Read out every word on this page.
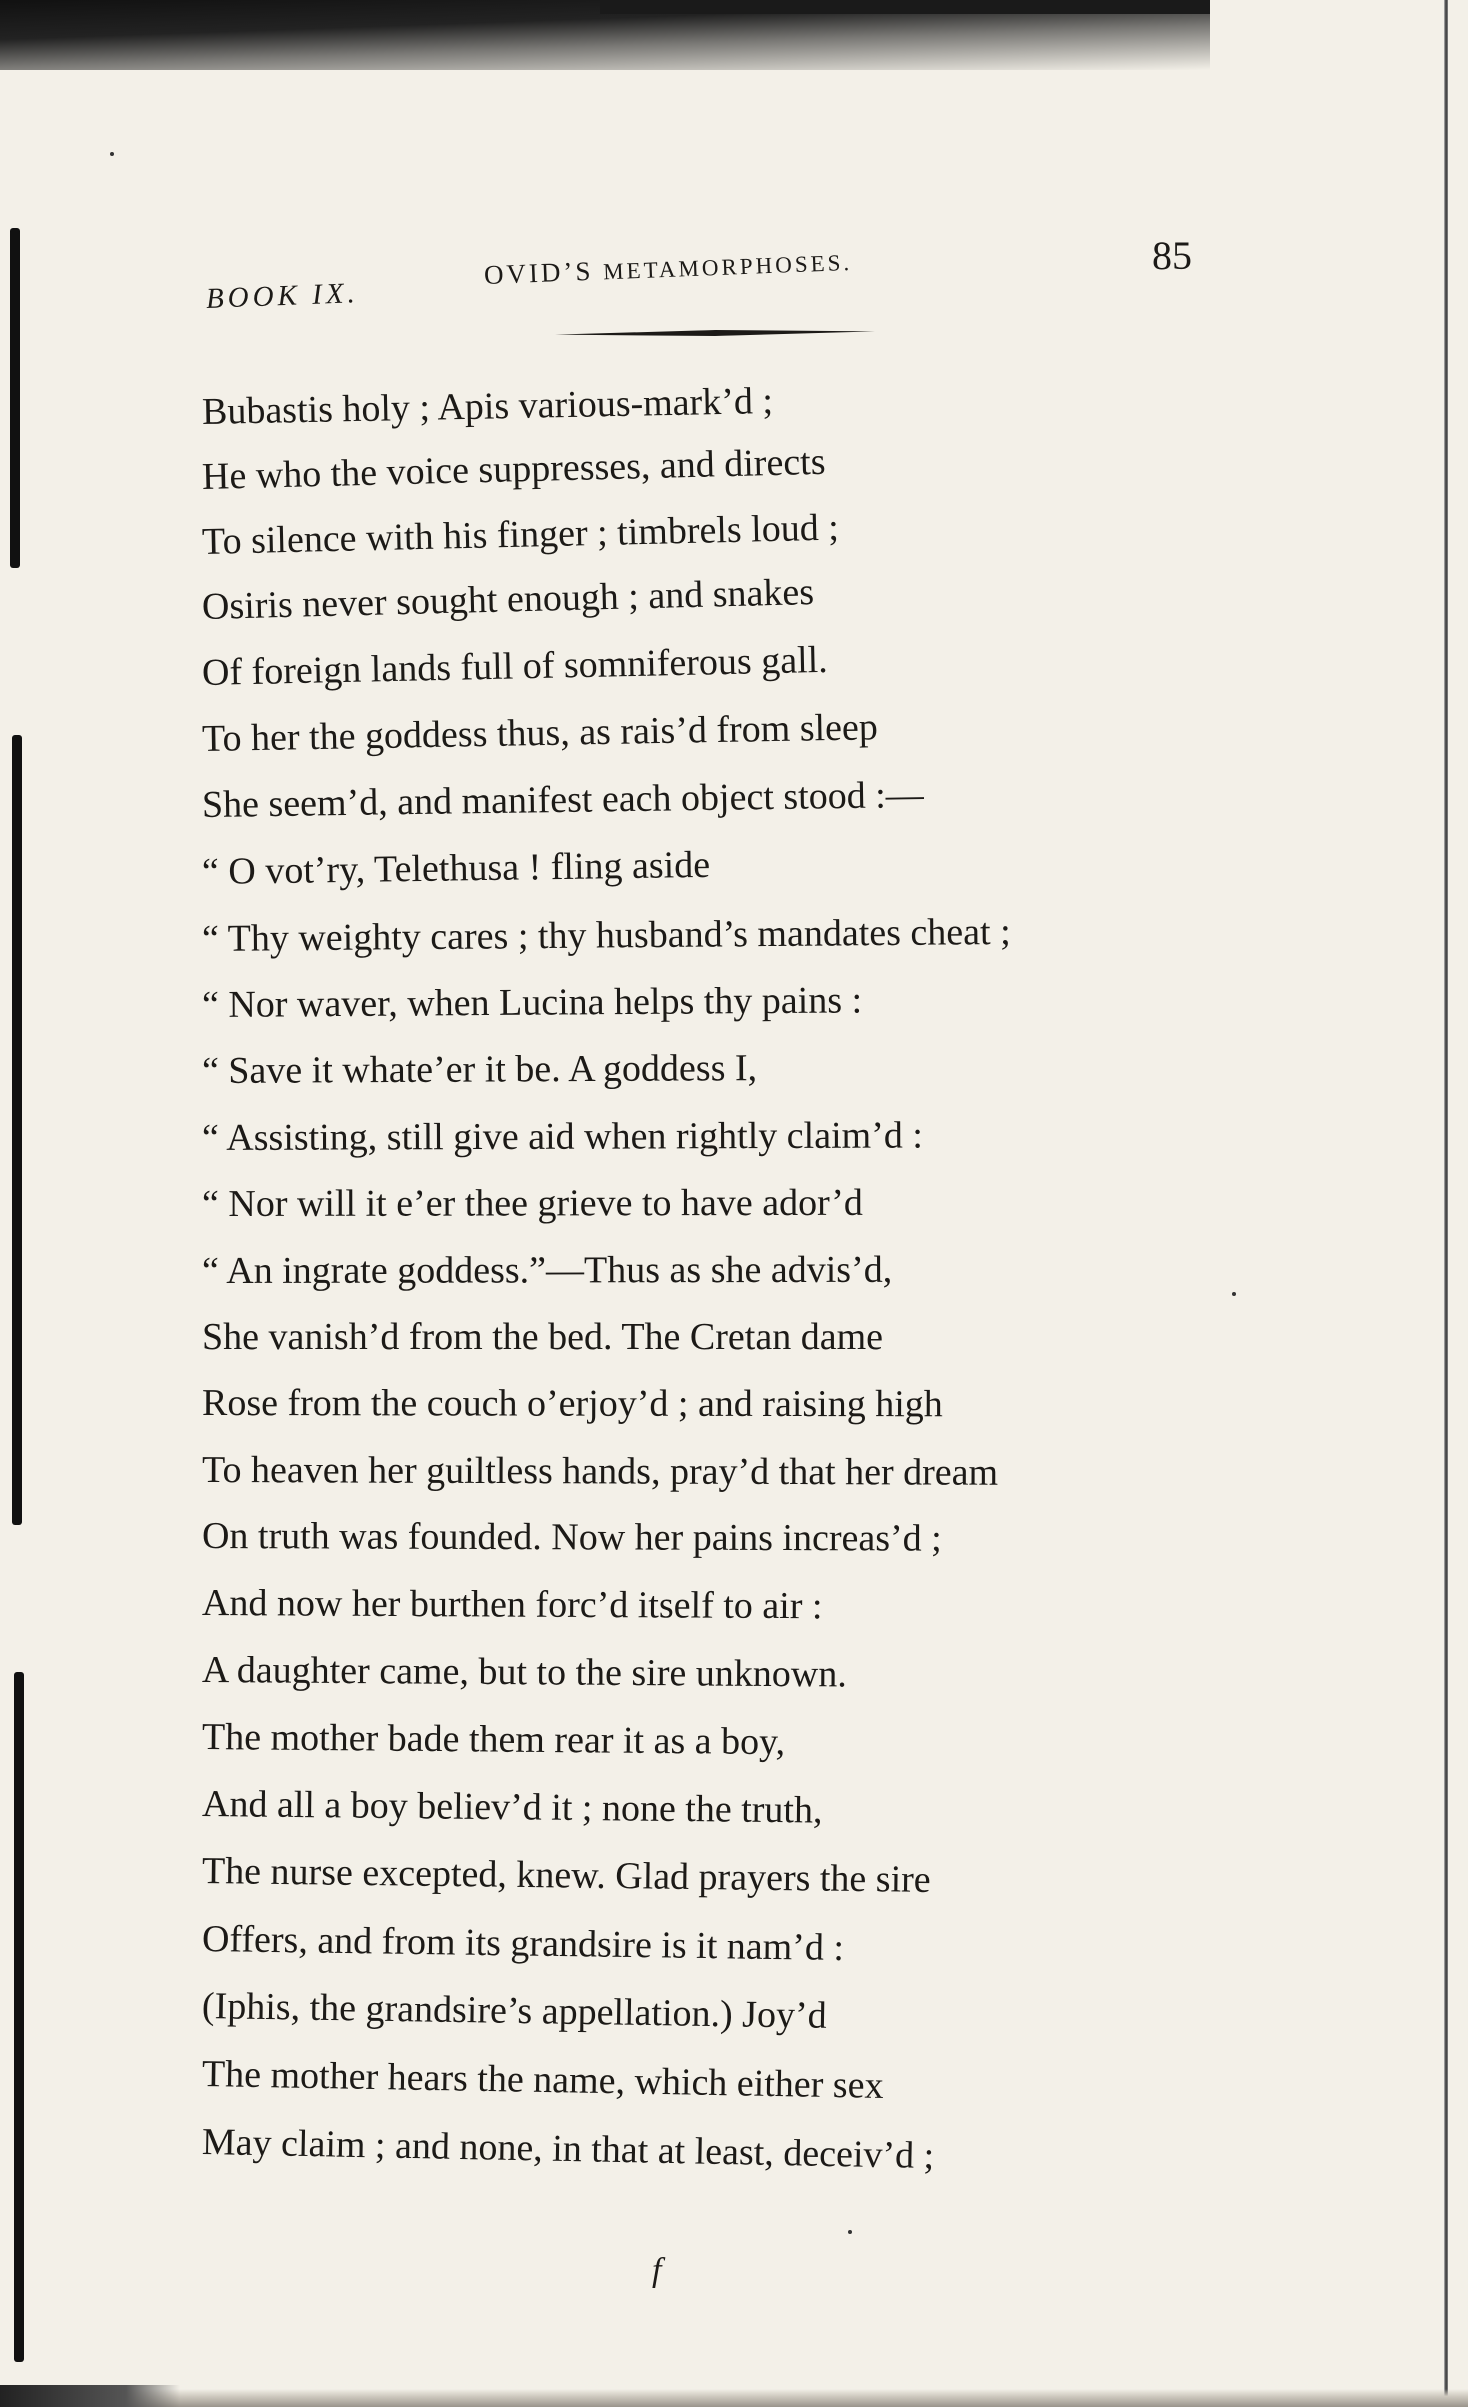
BOOK IX.
OVID’S METAMORPHOSES.	85
Bubastis holy ; Apis various-mark’d ;
He who the voice suppresses, and directs
To silence with his finger ; timbrels loud ;
Osiris never sought enough ; and snakes
Of foreign lands full of somniferous gall.
To her the goddess thus, as rais’d from sleep
She seem’d, and manifest each object stood :—
“ O vot’ry, Telethusa ! fling aside
“ Thy weighty cares ; thy husband’s mandates cheat ;
“ Nor waver, when Lucina helps thy pains :
“ Save it whate’er it be. A goddess I,
“ Assisting, still give aid when rightly claim’d :
“ Nor will it e’er thee grieve to have ador’d
“ An ingrate goddess.”—Thus as she advis’d,
She vanish’d from the bed. The Cretan dame
Rose from the couch o’erjoy’d ; and raising high
To heaven her guiltless hands, pray’d that her dream
On truth was founded. Now her pains increas’d ;
And now her burthen forc’d itself to air :
A daughter came, but to the sire unknown.
The mother bade them rear it as a boy,
And all a boy believ’d it ; none the truth,
The nurse excepted, knew. Glad prayers the sire
Offers, and from its grandsire is it nam’d :
(Iphis, the grandsire’s appellation.) Joy’d
The mother hears the name, which either sex
May claim ; and none, in that at least, deceiv’d ;
f
